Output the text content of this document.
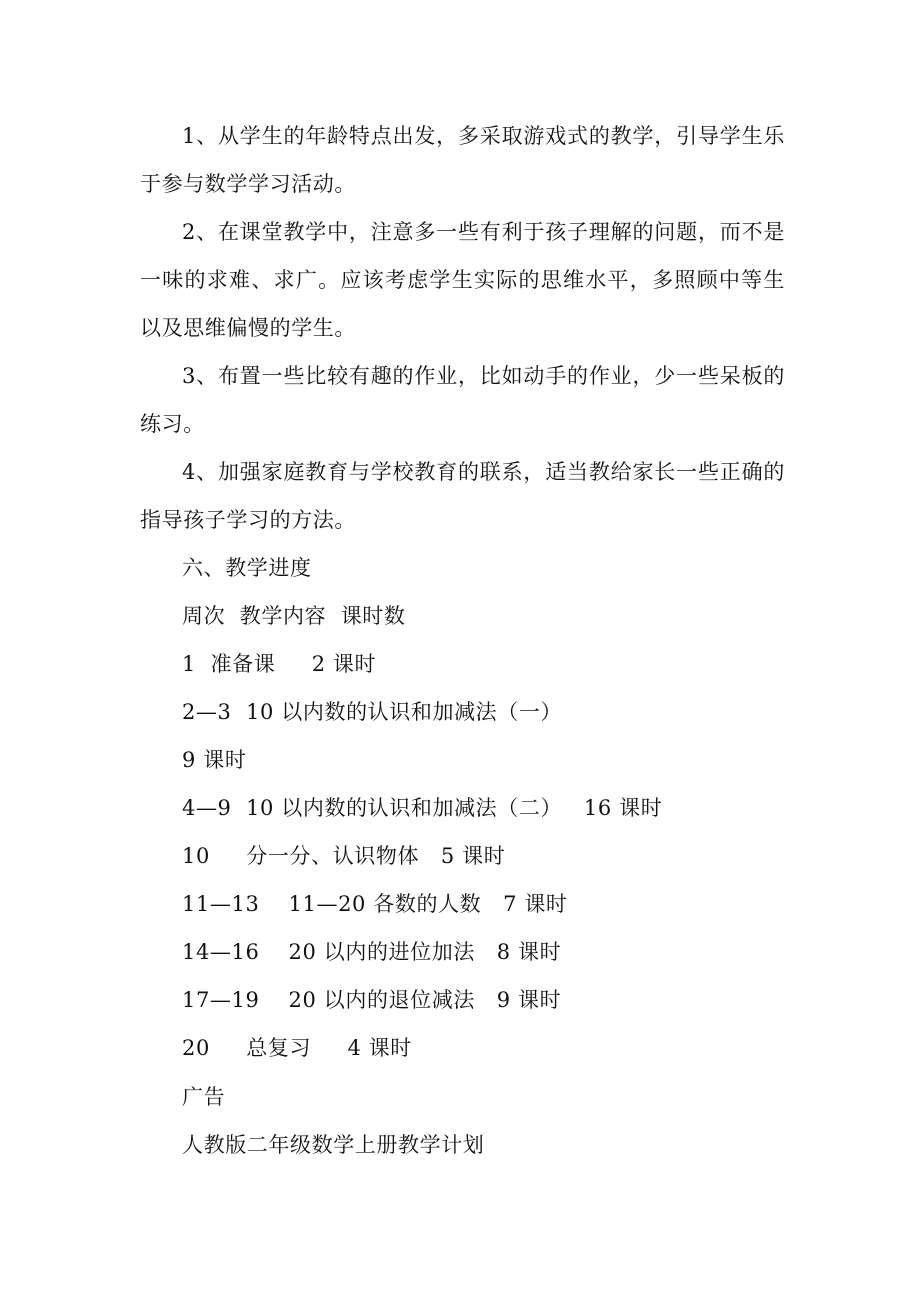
1、从学生的年龄特点出发，多采取游戏式的教学，引导学生乐于参与数学学习活动。

2、在课堂教学中，注意多一些有利于孩子理解的问题，而不是一味的求难、求广。应该考虑学生实际的思维水平，多照顾中等生以及思维偏慢的学生。

3、布置一些比较有趣的作业，比如动手的作业，少一些呆板的练习。

4、加强家庭教育与学校教育的联系，适当教给家长一些正确的指导孩子学习的方法。

六、教学进度

周次  教学内容  课时数

1  准备课     2 课时

2—3  10 以内数的认识和加减法（一）

9 课时

4—9  10 以内数的认识和加减法（二）   16 课时

10     分一分、认识物体   5 课时

11—13    11—20 各数的人数   7 课时

14—16    20 以内的进位加法   8 课时

17—19    20 以内的退位减法   9 课时

20     总复习     4 课时

广告

人教版二年级数学上册教学计划
